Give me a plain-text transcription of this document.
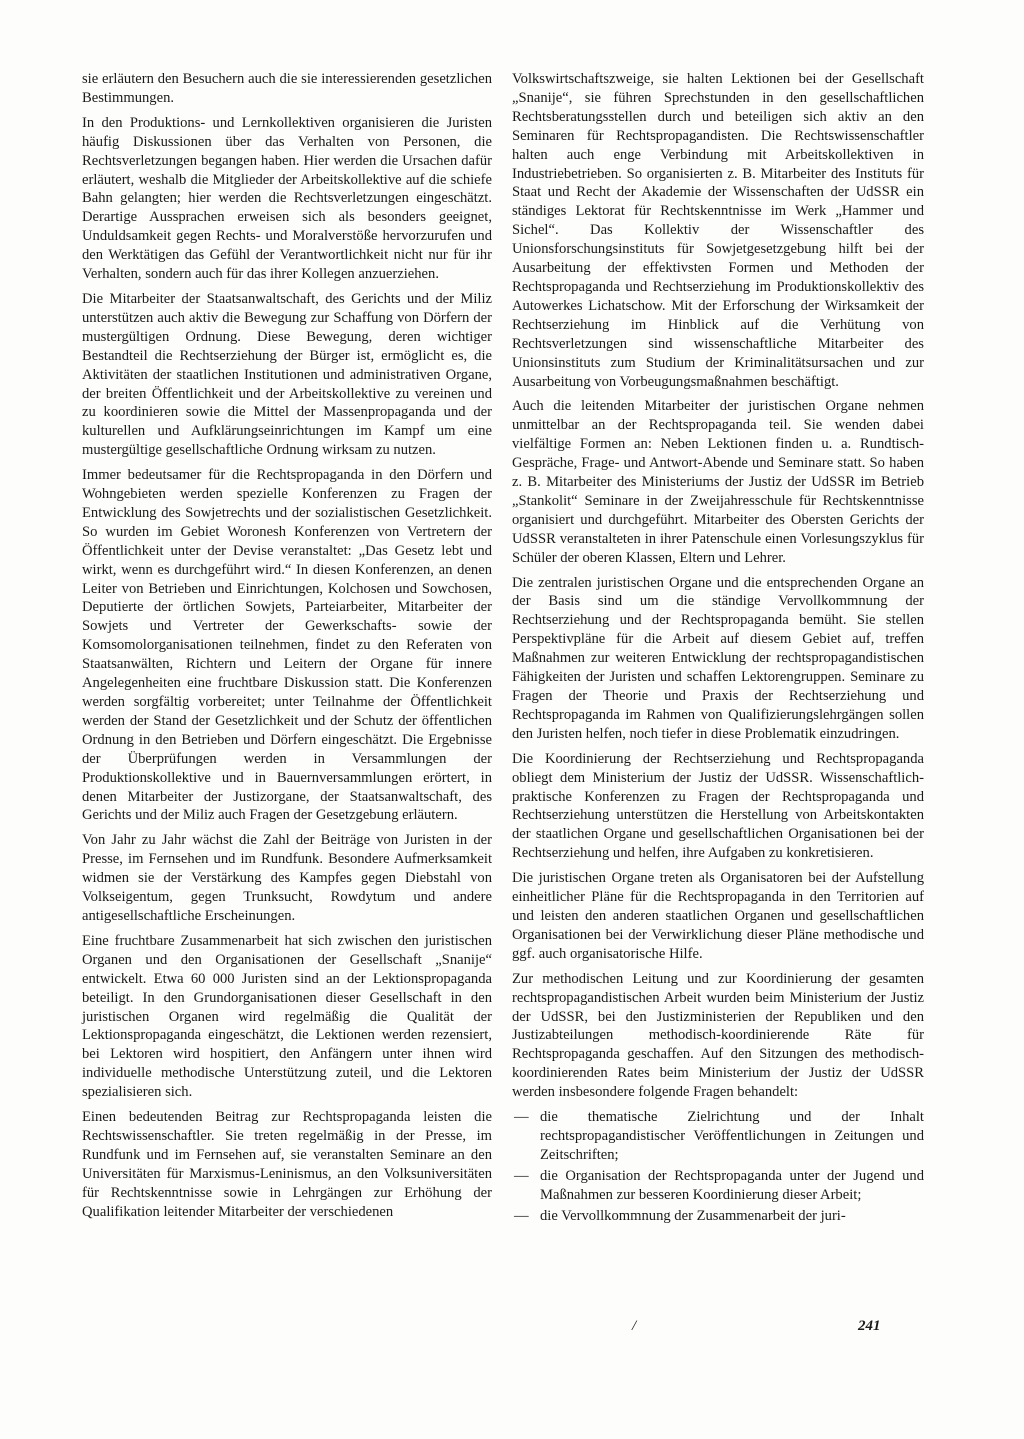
sie erläutern den Besuchern auch die sie interessierenden gesetzlichen Bestimmungen.

In den Produktions- und Lernkollektiven organisieren die Juristen häufig Diskussionen über das Verhalten von Personen, die Rechtsverletzungen begangen haben. Hier werden die Ursachen dafür erläutert, weshalb die Mitglieder der Arbeitskollektive auf die schiefe Bahn gelangten; hier werden die Rechtsverletzungen eingeschätzt. Derartige Aussprachen erweisen sich als besonders geeignet, Unduldsamkeit gegen Rechts- und Moralverstöße hervorzurufen und den Werktätigen das Gefühl der Verantwortlichkeit nicht nur für ihr Verhalten, sondern auch für das ihrer Kollegen anzuerziehen.

Die Mitarbeiter der Staatsanwaltschaft, des Gerichts und der Miliz unterstützen auch aktiv die Bewegung zur Schaffung von Dörfern der mustergültigen Ordnung. Diese Bewegung, deren wichtiger Bestandteil die Rechtserziehung der Bürger ist, ermöglicht es, die Aktivitäten der staatlichen Institutionen und administrativen Organe, der breiten Öffentlichkeit und der Arbeitskollektive zu vereinen und zu koordinieren sowie die Mittel der Massenpropaganda und der kulturellen und Aufklärungseinrichtungen im Kampf um eine mustergültige gesellschaftliche Ordnung wirksam zu nutzen.

Immer bedeutsamer für die Rechtspropaganda in den Dörfern und Wohngebieten werden spezielle Konferenzen zu Fragen der Entwicklung des Sowjetrechts und der sozialistischen Gesetzlichkeit. So wurden im Gebiet Woronesh Konferenzen von Vertretern der Öffentlichkeit unter der Devise veranstaltet: „Das Gesetz lebt und wirkt, wenn es durchgeführt wird.“ In diesen Konferenzen, an denen Leiter von Betrieben und Einrichtungen, Kolchosen und Sowchosen, Deputierte der örtlichen Sowjets, Parteiarbeiter, Mitarbeiter der Sowjets und Vertreter der Gewerkschafts- sowie der Komsomolorganisationen teilnehmen, findet zu den Referaten von Staatsanwälten, Richtern und Leitern der Organe für innere Angelegenheiten eine fruchtbare Diskussion statt. Die Konferenzen werden sorgfältig vorbereitet; unter Teilnahme der Öffentlichkeit werden der Stand der Gesetzlichkeit und der Schutz der öffentlichen Ordnung in den Betrieben und Dörfern eingeschätzt. Die Ergebnisse der Überprüfungen werden in Versammlungen der Produktionskollektive und in Bauernversammlungen erörtert, in denen Mitarbeiter der Justizorgane, der Staatsanwaltschaft, des Gerichts und der Miliz auch Fragen der Gesetzgebung erläutern.

Von Jahr zu Jahr wächst die Zahl der Beiträge von Juristen in der Presse, im Fernsehen und im Rundfunk. Besondere Aufmerksamkeit widmen sie der Verstärkung des Kampfes gegen Diebstahl von Volkseigentum, gegen Trunksucht, Rowdytum und andere antigesellschaftliche Erscheinungen.

Eine fruchtbare Zusammenarbeit hat sich zwischen den juristischen Organen und den Organisationen der Gesellschaft „Snanije“ entwickelt. Etwa 60 000 Juristen sind an der Lektionspropaganda beteiligt. In den Grundorganisationen dieser Gesellschaft in den juristischen Organen wird regelmäßig die Qualität der Lektionspropaganda eingeschätzt, die Lektionen werden rezensiert, bei Lektoren wird hospitiert, den Anfängern unter ihnen wird individuelle methodische Unterstützung zuteil, und die Lektoren spezialisieren sich.

Einen bedeutenden Beitrag zur Rechtspropaganda leisten die Rechtswissenschaftler. Sie treten regelmäßig in der Presse, im Rundfunk und im Fernsehen auf, sie veranstalten Seminare an den Universitäten für Marxismus-Leninismus, an den Volksuniversitäten für Rechtskenntnisse sowie in Lehrgängen zur Erhöhung der Qualifikation leitender Mitarbeiter der verschiedenen

Volkswirtschaftszweige, sie halten Lektionen bei der Gesellschaft „Snanije“, sie führen Sprechstunden in den gesellschaftlichen Rechtsberatungsstellen durch und beteiligen sich aktiv an den Seminaren für Rechtspropagandisten. Die Rechtswissenschaftler halten auch enge Verbindung mit Arbeitskollektiven in Industriebetrieben. So organisierten z. B. Mitarbeiter des Instituts für Staat und Recht der Akademie der Wissenschaften der UdSSR ein ständiges Lektorat für Rechtskenntnisse im Werk „Hammer und Sichel“. Das Kollektiv der Wissenschaftler des Unionsforschungsinstituts für Sowjetgesetzgebung hilft bei der Ausarbeitung der effektivsten Formen und Methoden der Rechtspropaganda und Rechtserziehung im Produktionskollektiv des Autowerkes Lichatschow. Mit der Erforschung der Wirksamkeit der Rechtserziehung im Hinblick auf die Verhütung von Rechtsverletzungen sind wissenschaftliche Mitarbeiter des Unionsinstituts zum Studium der Kriminalitätsursachen und zur Ausarbeitung von Vorbeugungsmaßnahmen beschäftigt.

Auch die leitenden Mitarbeiter der juristischen Organe nehmen unmittelbar an der Rechtspropaganda teil. Sie wenden dabei vielfältige Formen an: Neben Lektionen finden u. a. Rundtisch-Gespräche, Frage- und Antwort-Abende und Seminare statt. So haben z. B. Mitarbeiter des Ministeriums der Justiz der UdSSR im Betrieb „Stankolit“ Seminare in der Zweijahresschule für Rechtskenntnisse organisiert und durchgeführt. Mitarbeiter des Obersten Gerichts der UdSSR veranstalteten in ihrer Patenschule einen Vorlesungszyklus für Schüler der oberen Klassen, Eltern und Lehrer.

Die zentralen juristischen Organe und die entsprechenden Organe an der Basis sind um die ständige Vervollkommnung der Rechtserziehung und der Rechtspropaganda bemüht. Sie stellen Perspektivpläne für die Arbeit auf diesem Gebiet auf, treffen Maßnahmen zur weiteren Entwicklung der rechtspropagandistischen Fähigkeiten der Juristen und schaffen Lektorengruppen. Seminare zu Fragen der Theorie und Praxis der Rechtserziehung und Rechtspropaganda im Rahmen von Qualifizierungslehrgängen sollen den Juristen helfen, noch tiefer in diese Problematik einzudringen.

Die Koordinierung der Rechtserziehung und Rechtspropaganda obliegt dem Ministerium der Justiz der UdSSR. Wissenschaftlich-praktische Konferenzen zu Fragen der Rechtspropaganda und Rechtserziehung unterstützen die Herstellung von Arbeitskontakten der staatlichen Organe und gesellschaftlichen Organisationen bei der Rechtserziehung und helfen, ihre Aufgaben zu konkretisieren.

Die juristischen Organe treten als Organisatoren bei der Aufstellung einheitlicher Pläne für die Rechtspropaganda in den Territorien auf und leisten den anderen staatlichen Organen und gesellschaftlichen Organisationen bei der Verwirklichung dieser Pläne methodische und ggf. auch organisatorische Hilfe.

Zur methodischen Leitung und zur Koordinierung der gesamten rechtspropagandistischen Arbeit wurden beim Ministerium der Justiz der UdSSR, bei den Justizministerien der Republiken und den Justizabteilungen methodisch-koordinierende Räte für Rechtspropaganda geschaffen. Auf den Sitzungen des methodisch-koordinierenden Rates beim Ministerium der Justiz der UdSSR werden insbesondere folgende Fragen behandelt:

— die thematische Zielrichtung und der Inhalt rechtspropagandistischer Veröffentlichungen in Zeitungen und Zeitschriften;
— die Organisation der Rechtspropaganda unter der Jugend und Maßnahmen zur besseren Koordinierung dieser Arbeit;
— die Vervollkommnung der Zusammenarbeit der juri-
/	241
